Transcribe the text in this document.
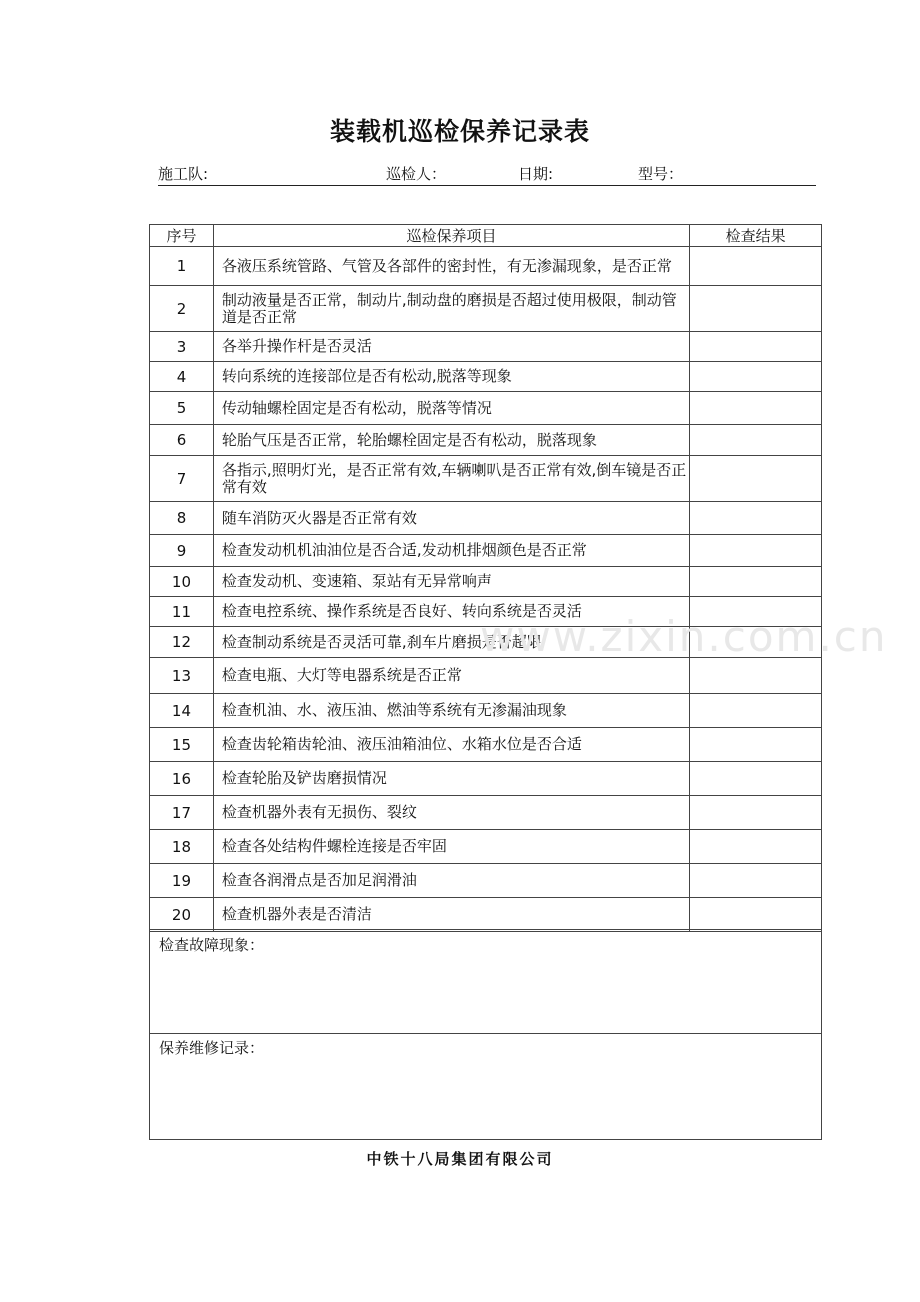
装载机巡检保养记录表
施工队:	巡检人：	日期:	型号：
序号	巡检保养项目	检查结果
1	各液压系统管路、气管及各部件的密封性，有无渗漏现象，是否正常	
2	制动液量是否正常，制动片,制动盘的磨损是否超过使用极限，制动管道是否正常	
3	各举升操作杆是否灵活	
4	转向系统的连接部位是否有松动,脱落等现象	
5	传动轴螺栓固定是否有松动，脱落等情况	
6	轮胎气压是否正常，轮胎螺栓固定是否有松动，脱落现象	
7	各指示,照明灯光，是否正常有效,车辆喇叭是否正常有效,倒车镜是否正常有效	
8	随车消防灭火器是否正常有效	
9	检查发动机机油油位是否合适,发动机排烟颜色是否正常	
10	检查发动机、变速箱、泵站有无异常响声	
11	检查电控系统、操作系统是否良好、转向系统是否灵活	
12	检查制动系统是否灵活可靠,刹车片磨损是否超限	
13	检查电瓶、大灯等电器系统是否正常	
14	检查机油、水、液压油、燃油等系统有无渗漏油现象	
15	检查齿轮箱齿轮油、液压油箱油位、水箱水位是否合适	
16	检查轮胎及铲齿磨损情况	
17	检查机器外表有无损伤、裂纹	
18	检查各处结构件螺栓连接是否牢固	
19	检查各润滑点是否加足润滑油	
20	检查机器外表是否清洁	
检查故障现象：
保养维修记录：
www.zixin.com.cn
中铁十八局集团有限公司
